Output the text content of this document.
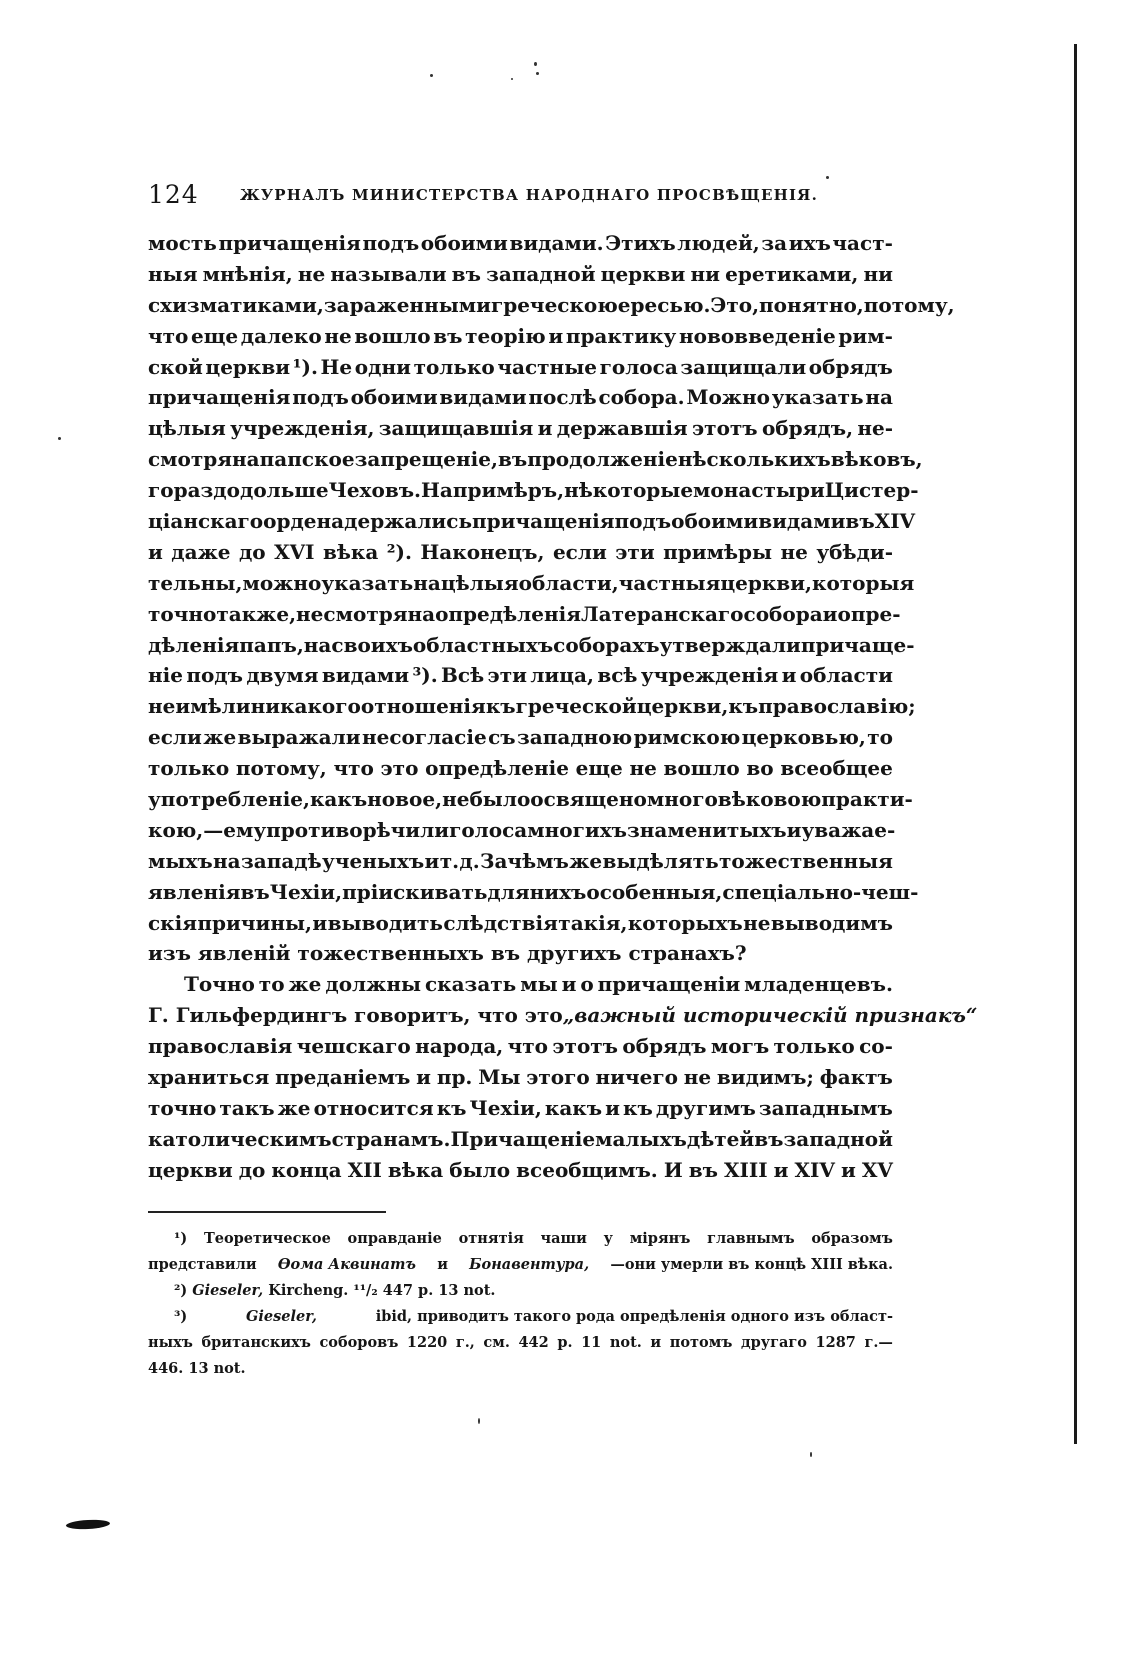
124	ЖУРНАЛЪ МИНИСТЕРСТВА НАРОДНАГО ПРОСВѢЩЕНІЯ.
мость причащенія подъ обоими видами. Этихъ людей, за ихъ част-
ныя мнѣнія, не называли въ западной церкви ни еретиками, ни
схизматиками, зараженными греческою ересью. Это, понятно, потому,
что еще далеко не вошло въ теорію и практику нововведеніе рим-
ской церкви ¹). Не одни только частные голоса защищали обрядъ
причащенія подъ обоими видами послѣ собора. Можно указать на
цѣлыя учрежденія, защищавшія и державшія этотъ обрядъ, не-
смотря на папское запрещеніе, въ продолженіе нѣсколькихъ вѣковъ,
гораздо дольше Чеховъ. Напримѣръ, нѣкоторые монастыри Цистер-
ціанскаго ордена держались причащенія подъ обоими видами въ XIV
и даже до XVI вѣка ²). Наконецъ, если эти примѣры не убѣди-
тельны, можно указать на цѣлыя области, частныя церкви, которыя
точно также, не смотря на опредѣленія Латеранскаго собора и опре-
дѣленія папъ, на своихъ областныхъ соборахъ утверждали причаще-
ніе подъ двумя видами ³). Всѣ эти лица, всѣ учрежденія и области
не имѣли никакого отношенія къ греческой церкви, къ православію;
если же выражали несогласіе съ западною римскою церковью, то
только потому, что это опредѣленіе еще не вошло во всеобщее
употребленіе, какъ новое, не было освящено многовѣковою практи-
кою, — ему противорѣчили голоса многихъ знаменитыхъ и уважае-
мыхъ на западѣ ученыхъ и т. д. Зачѣмъ же выдѣлять тожественныя
явленія въ Чехіи, пріискивать для нихъ особенныя, спеціально-чеш-
скія причины, и выводить слѣдствія такія, которыхъ не выводимъ
изъ явленій тожественныхъ въ другихъ странахъ?
Точно то же должны сказать мы и о причащеніи младенцевъ.
Г. Гильфердингъ говоритъ, что это „важный историческій признакъ“
православія чешскаго народа, что этотъ обрядъ могъ только со-
храниться преданіемъ и пр. Мы этого ничего не видимъ; фактъ
точно такъ же относится къ Чехіи, какъ и къ другимъ западнымъ
католическимъ странамъ. Причащеніе малыхъ дѣтей въ западной
церкви до конца XII вѣка было всеобщимъ. И въ XIII и XIV и XV
¹) Теоретическое оправданіе отнятія чаши у мірянъ главнымъ образомъ
представили Ѳома Аквинатъ и Бонавентура, —они умерли въ концѣ XIII вѣка.
²)
Gieseler,
Kircheng. ¹¹/₂ 447 p. 13 not.
³)	Gieseler,	ibid, приводитъ такого рода опредѣленія одного изъ област-
ныхъ британскихъ соборовъ 1220 г., см. 442 р. 11 not. и потомъ другаго 1287 г.—
446. 13 not.
